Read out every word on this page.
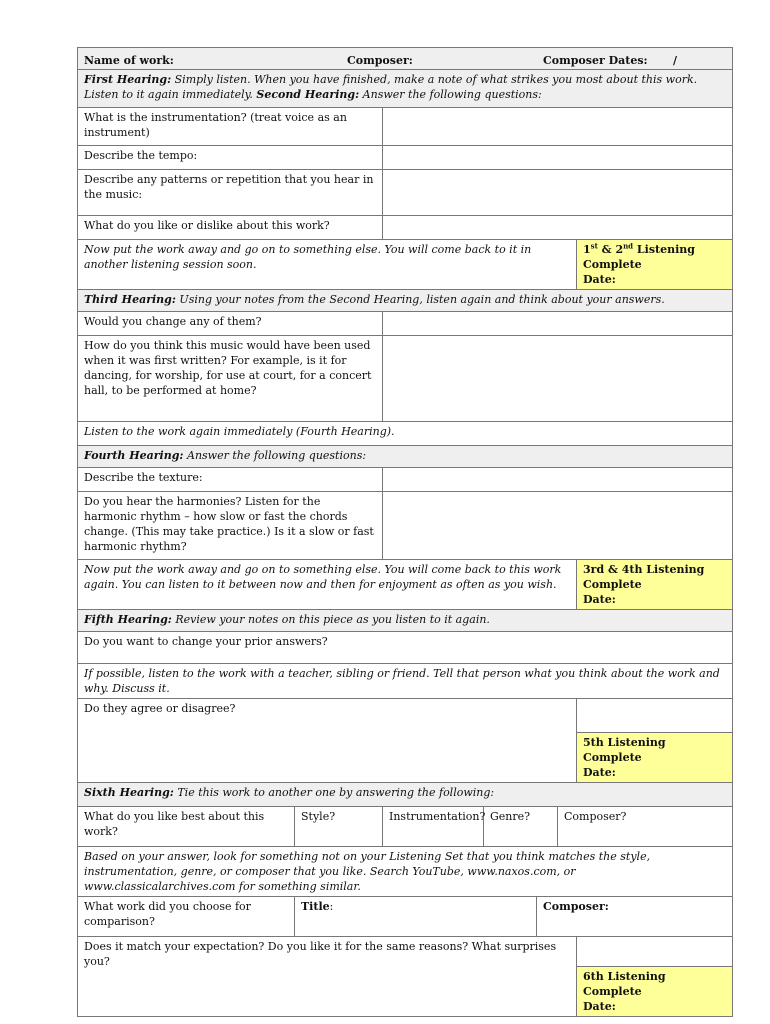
Name of work: Composer: Composer Dates: /						

First Hearing: Simply listen. When you have finished, make a note of what strikes you most about this work. Listen to it again immediately. Second Hearing: Answer the following questions:						
What is the instrumentation? (treat voice as an instrument)						
Describe the tempo:						
Describe any patterns or repetition that you hear in the music:						
What do you like or dislike about this work?						
Now put the work away and go on to something else. You will come back to it in another listening session soon.						1st & 2nd Listening Complete
Date:
Third Hearing: Using your notes from the Second Hearing, listen again and think about your answers.						
Would you change any of them?						
How do you think this music would have been used when it was first written? For example, is it for dancing, for worship, for use at court, for a concert hall, to be performed at home?						
Listen to the work again immediately (Fourth Hearing).						
Fourth Hearing: Answer the following questions:						
Describe the texture:						
Do you hear the harmonies? Listen for the harmonic rhythm – how slow or fast the chords change. (This may take practice.) Is it a slow or fast harmonic rhythm?						
Now put the work away and go on to something else. You will come back to this work again. You can listen to it between now and then for enjoyment as often as you wish.						3rd & 4th Listening Complete
Date:
Fifth Hearing: Review your notes on this piece as you listen to it again.						
Do you want to change your prior answers?						
If possible, listen to the work with a teacher, sibling or friend. Tell that person what you think about the work and why. Discuss it.						
Do they agree or disagree?						
						5th Listening Complete
Date:
Sixth Hearing: Tie this work to another one by answering the following:						
What do you like best about this work?	Style?	Instrumentation?	Genre?		Composer?	
Based on your answer, look for something not on your Listening Set that you think matches the style, instrumentation, genre, or composer that you like. Search YouTube, www.naxos.com, or www.classicalarchives.com for something similar.						
What work did you choose for comparison?	Title:			Composer:		
Does it match your expectation? Do you like it for the same reasons? What surprises you?						
						6th Listening Complete
Date:
